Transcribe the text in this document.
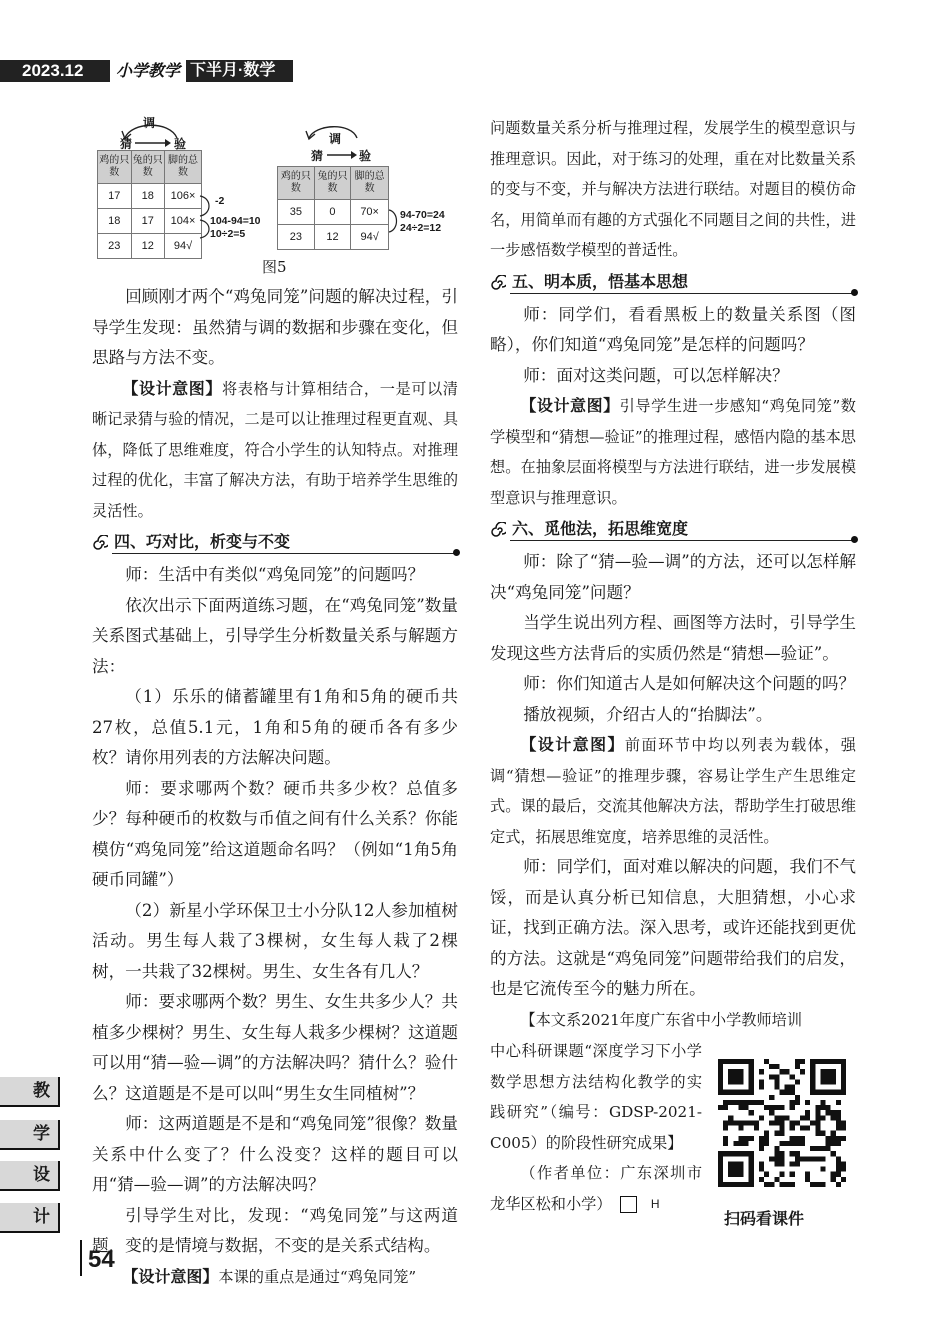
2023.12	小学教学 下半月·数学
调
猜	验	调
猜	验
鸡的只数	兔的只数	脚的总数
17	18	106×
18	17	104×
23	12	94√
-2
104-94=10
10÷2=5
鸡的只数	兔的只数	脚的总数
35	0	70×
23	12	94√
94-70=24
24÷2=12
图5

回顾刚才两个“鸡兔同笼”问题的解决过程，引导学生发现：虽然猜与调的数据和步骤在变化，但思路与方法不变。

【设计意图】将表格与计算相结合，一是可以清晰记录猜与验的情况，二是可以让推理过程更直观、具体，降低了思维难度，符合小学生的认知特点。对推理过程的优化，丰富了解决方法，有助于培养学生思维的灵活性。

四、巧对比，析变与不变

师：生活中有类似“鸡兔同笼”的问题吗？

依次出示下面两道练习题，在“鸡兔同笼”数量关系图式基础上，引导学生分析数量关系与解题方法：

（1）乐乐的储蓄罐里有1角和5角的硬币共27枚，总值5.1元，1角和5角的硬币各有多少枚？请你用列表的方法解决问题。

师：要求哪两个数？硬币共多少枚？总值多少？每种硬币的枚数与币值之间有什么关系？你能模仿“鸡兔同笼”给这道题命名吗？（例如“1角5角硬币同罐”）

（2）新星小学环保卫士小分队12人参加植树活动。男生每人栽了3棵树，女生每人栽了2棵树，一共栽了32棵树。男生、女生各有几人？

师：要求哪两个数？男生、女生共多少人？共植多少棵树？男生、女生每人栽多少棵树？这道题可以用“猜—验—调”的方法解决吗？猜什么？验什么？这道题是不是可以叫“男生女生同植树”？

师：这两道题是不是和“鸡兔同笼”很像？数量关系中什么变了？什么没变？这样的题目可以用“猜—验—调”的方法解决吗？

引导学生对比，发现：“鸡兔同笼”与这两道题，变的是情境与数据，不变的是关系式结构。

【设计意图】本课的重点是通过“鸡兔同笼”

问题数量关系分析与推理过程，发展学生的模型意识与推理意识。因此，对于练习的处理，重在对比数量关系的变与不变，并与解决方法进行联结。对题目的模仿命名，用简单而有趣的方式强化不同题目之间的共性，进一步感悟数学模型的普适性。

五、明本质，悟基本思想

师：同学们，看看黑板上的数量关系图（图略），你们知道“鸡兔同笼”是怎样的问题吗？

师：面对这类问题，可以怎样解决？

【设计意图】引导学生进一步感知“鸡兔同笼”数学模型和“猜想—验证”的推理过程，感悟内隐的基本思想。在抽象层面将模型与方法进行联结，进一步发展模型意识与推理意识。

六、觅他法，拓思维宽度

师：除了“猜—验—调”的方法，还可以怎样解决“鸡兔同笼”问题？

当学生说出列方程、画图等方法时，引导学生发现这些方法背后的实质仍然是“猜想—验证”。

师：你们知道古人是如何解决这个问题的吗？

播放视频，介绍古人的“抬脚法”。

【设计意图】前面环节中均以列表为载体，强调“猜想—验证”的推理步骤，容易让学生产生思维定式。课的最后，交流其他解决方法，帮助学生打破思维定式，拓展思维宽度，培养思维的灵活性。

师：同学们，面对难以解决的问题，我们不气馁，而是认真分析已知信息，大胆猜想，小心求证，找到正确方法。深入思考，或许还能找到更优的方法。这就是“鸡兔同笼”问题带给我们的启发，也是它流传至今的魅力所在。

【本文系2021年度广东省中小学教师培训

中心科研课题“深度学习下小学数学思想方法结构化教学的实践研究”（编号：GDSP-2021-C005）的阶段性研究成果】

（作者单位：广东深圳市龙华区松和小学）	H

扫码看课件
教
学
设
计
54
